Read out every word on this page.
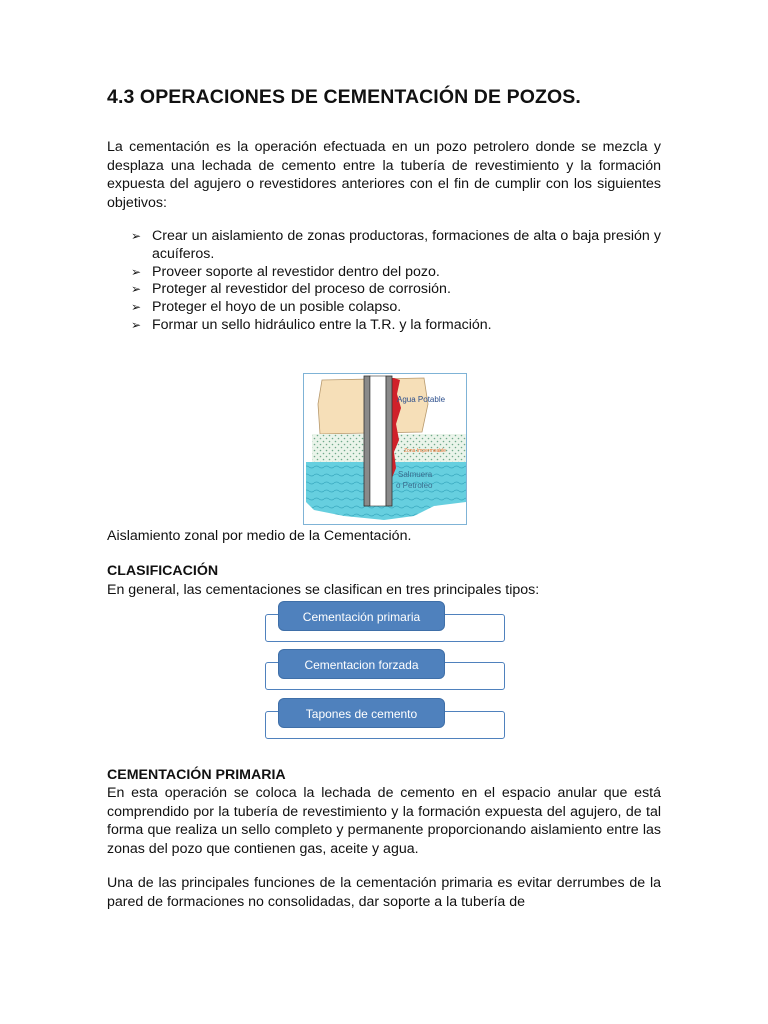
4.3 OPERACIONES DE CEMENTACIÓN DE POZOS.

La cementación es la operación efectuada en un pozo petrolero donde se mezcla y desplaza una lechada de cemento entre la tubería de revestimiento y la formación expuesta del agujero o revestidores anteriores con el fin de cumplir con los siguientes objetivos:

➢ Crear un aislamiento de zonas productoras, formaciones de alta o baja presión y acuíferos.
➢ Proveer soporte al revestidor dentro del pozo.
➢ Proteger al revestidor del proceso de corrosión.
➢ Proteger el hoyo de un posible colapso.
➢ Formar un sello hidráulico entre la T.R. y la formación.
Agua Potable
Zona Impermeable
Salmuera
o Petroleo
Aislamiento zonal por medio de la Cementación.
CLASIFICACIÓN
En general, las cementaciones se clasifican en tres principales tipos:
Cementación primaria
Cementacion forzada
Tapones de cemento
CEMENTACIÓN PRIMARIA

En esta operación se coloca la lechada de cemento en el espacio anular que está comprendido por la tubería de revestimiento y la formación expuesta del agujero, de tal forma que realiza un sello completo y permanente proporcionando aislamiento entre las zonas del pozo que contienen gas, aceite y agua.

Una de las principales funciones de la cementación primaria es evitar derrumbes de la pared de formaciones no consolidadas, dar soporte a la tubería de
